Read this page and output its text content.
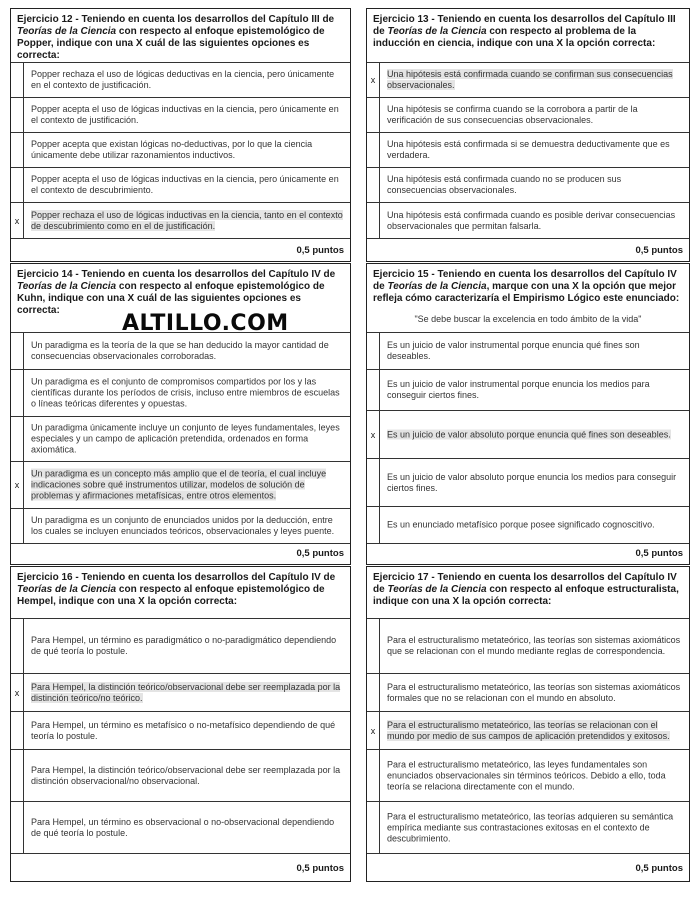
Ejercicio 12 - Teniendo en cuenta los desarrollos del Capítulo III de Teorías de la Ciencia con respecto al enfoque epistemológico de Popper, indique con una X cuál de las siguientes opciones es correcta:
Popper rechaza el uso de lógicas deductivas en la ciencia, pero únicamente en el contexto de justificación.
Popper acepta el uso de lógicas inductivas en la ciencia, pero únicamente en el contexto de justificación.
Popper acepta que existan lógicas no-deductivas, por lo que la ciencia únicamente debe utilizar razonamientos inductivos.
Popper acepta el uso de lógicas inductivas en la ciencia, pero únicamente en el contexto de descubrimiento.
x
Popper rechaza el uso de lógicas inductivas en la ciencia, tanto en el contexto de descubrimiento como en el de justificación.
0,5 puntos
Ejercicio 13 - Teniendo en cuenta los desarrollos del Capítulo III de Teorías de la Ciencia con respecto al problema de la inducción en ciencia, indique con una X la opción correcta:
x
Una hipótesis está confirmada cuando se confirman sus consecuencias observacionales.
Una hipótesis se confirma cuando se la corrobora a partir de la verificación de sus consecuencias observacionales.
Una hipótesis está confirmada si se demuestra deductivamente que es verdadera.
Una hipótesis está confirmada cuando no se producen sus consecuencias observacionales.
Una hipótesis está confirmada cuando es posible derivar consecuencias observacionales que permitan falsarla.
0,5 puntos
Ejercicio 14 - Teniendo en cuenta los desarrollos del Capítulo IV de Teorías de la Ciencia con respecto al enfoque epistemológico de Kuhn, indique con una X cuál de las siguientes opciones es correcta:
Un paradigma es la teoría de la que se han deducido la mayor cantidad de consecuencias observacionales corroboradas.
Un paradigma es el conjunto de compromisos compartidos por los y las científicas durante los períodos de crisis, incluso entre miembros de escuelas o líneas teóricas diferentes y opuestas.
Un paradigma únicamente incluye un conjunto de leyes fundamentales, leyes especiales y un campo de aplicación pretendida, ordenados en forma axiomática.
x
Un paradigma es un concepto más amplio que el de teoría, el cual incluye indicaciones sobre qué instrumentos utilizar, modelos de solución de problemas y afirmaciones metafísicas, entre otros elementos.
Un paradigma es un conjunto de enunciados unidos por la deducción, entre los cuales se incluyen enunciados teóricos, observacionales y leyes puente.
0,5 puntos
Ejercicio 15 - Teniendo en cuenta los desarrollos del Capítulo IV de Teorías de la Ciencia, marque con una X la opción que mejor refleja cómo caracterizaría el Empirismo Lógico este enunciado:
"Se debe buscar la excelencia en todo ámbito de la vida"
Es un juicio de valor instrumental porque enuncia qué fines son deseables.
Es un juicio de valor instrumental porque enuncia los medios para conseguir ciertos fines.
x	Es un juicio de valor absoluto porque enuncia qué fines son deseables.
Es un juicio de valor absoluto porque enuncia los medios para conseguir ciertos fines.
Es un enunciado metafísico porque posee significado cognoscitivo.
0,5 puntos
ALTILLO.COM
Ejercicio 16 - Teniendo en cuenta los desarrollos del Capítulo IV de Teorías de la Ciencia con respecto al enfoque epistemológico de Hempel, indique con una X la opción correcta:
Para Hempel, un término es paradigmático o no-paradigmático dependiendo de qué teoría lo postule.
x
Para Hempel, la distinción teórico/observacional debe ser reemplazada por la distinción teórico/no teórico.
Para Hempel, un término es metafísico o no-metafísico dependiendo de qué teoría lo postule.
Para Hempel, la distinción teórico/observacional debe ser reemplazada por la distinción observacional/no observacional.
Para Hempel, un término es observacional o no-observacional dependiendo de qué teoría lo postule.
0,5 puntos
Ejercicio 17 - Teniendo en cuenta los desarrollos del Capítulo IV de Teorías de la Ciencia con respecto al enfoque estructuralista, indique con una X la opción correcta:
Para el estructuralismo metateórico, las teorías son sistemas axiomáticos que se relacionan con el mundo mediante reglas de correspondencia.
Para el estructuralismo metateórico, las teorías son sistemas axiomáticos formales que no se relacionan con el mundo en absoluto.
x
Para el estructuralismo metateórico, las teorías se relacionan con el mundo por medio de sus campos de aplicación pretendidos y exitosos.
Para el estructuralismo metateórico, las leyes fundamentales son enunciados observacionales sin términos teóricos. Debido a ello, toda teoría se relaciona directamente con el mundo.
Para el estructuralismo metateórico, las teorías adquieren su semántica empírica mediante sus contrastaciones exitosas en el contexto de descubrimiento.
0,5 puntos
